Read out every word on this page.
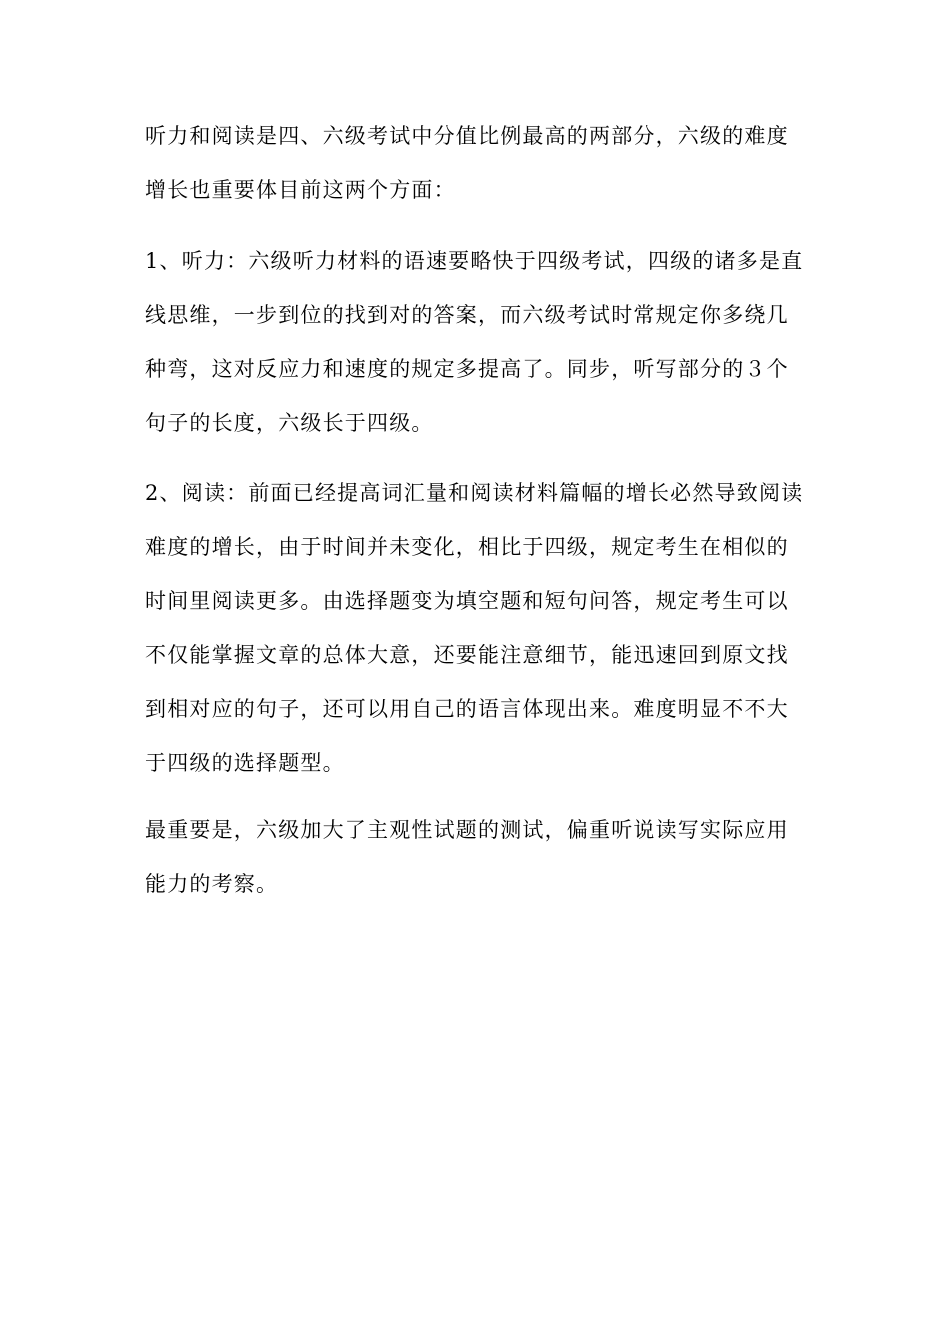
听力和阅读是四、六级考试中分值比例最高的两部分，六级的难度
增长也重要体目前这两个方面：

1、听力：六级听力材料的语速要略快于四级考试，四级的诸多是直
线思维，一步到位的找到对的答案，而六级考试时常规定你多绕几
种弯，这对反应力和速度的规定多提高了。同步，听写部分的３个
句子的长度，六级长于四级。

2、阅读：前面已经提高词汇量和阅读材料篇幅的增长必然导致阅读
难度的增长，由于时间并未变化，相比于四级，规定考生在相似的
时间里阅读更多。由选择题变为填空题和短句问答，规定考生可以
不仅能掌握文章的总体大意，还要能注意细节，能迅速回到原文找
到相对应的句子，还可以用自己的语言体现出来。难度明显不不大
于四级的选择题型。

最重要是，六级加大了主观性试题的测试，偏重听说读写实际应用
能力的考察。
